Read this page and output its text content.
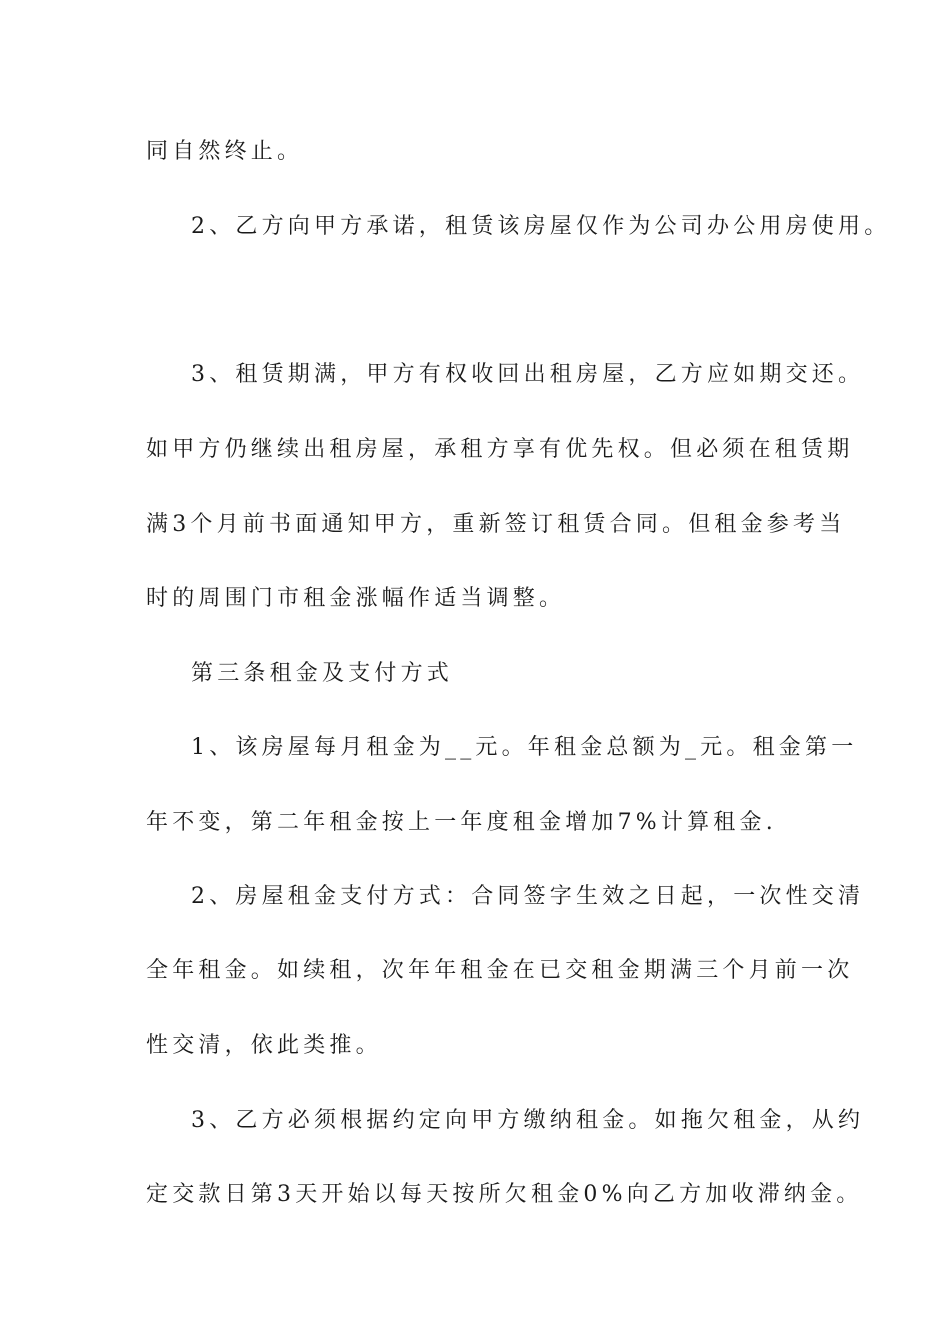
同自然终止。
2、乙方向甲方承诺，租赁该房屋仅作为公司办公用房使用。
3、租赁期满，甲方有权收回出租房屋，乙方应如期交还。
如甲方仍继续出租房屋，承租方享有优先权。但必须在租赁期
满3个月前书面通知甲方，重新签订租赁合同。但租金参考当
时的周围门市租金涨幅作适当调整。
第三条租金及支付方式
1、该房屋每月租金为__元。年租金总额为_元。租金第一
年不变，第二年租金按上一年度租金增加7%计算租金.
2、房屋租金支付方式：合同签字生效之日起，一次性交清
全年租金。如续租，次年年租金在已交租金期满三个月前一次
性交清，依此类推。
3、乙方必须根据约定向甲方缴纳租金。如拖欠租金，从约
定交款日第3天开始以每天按所欠租金0%向乙方加收滞纳金。
